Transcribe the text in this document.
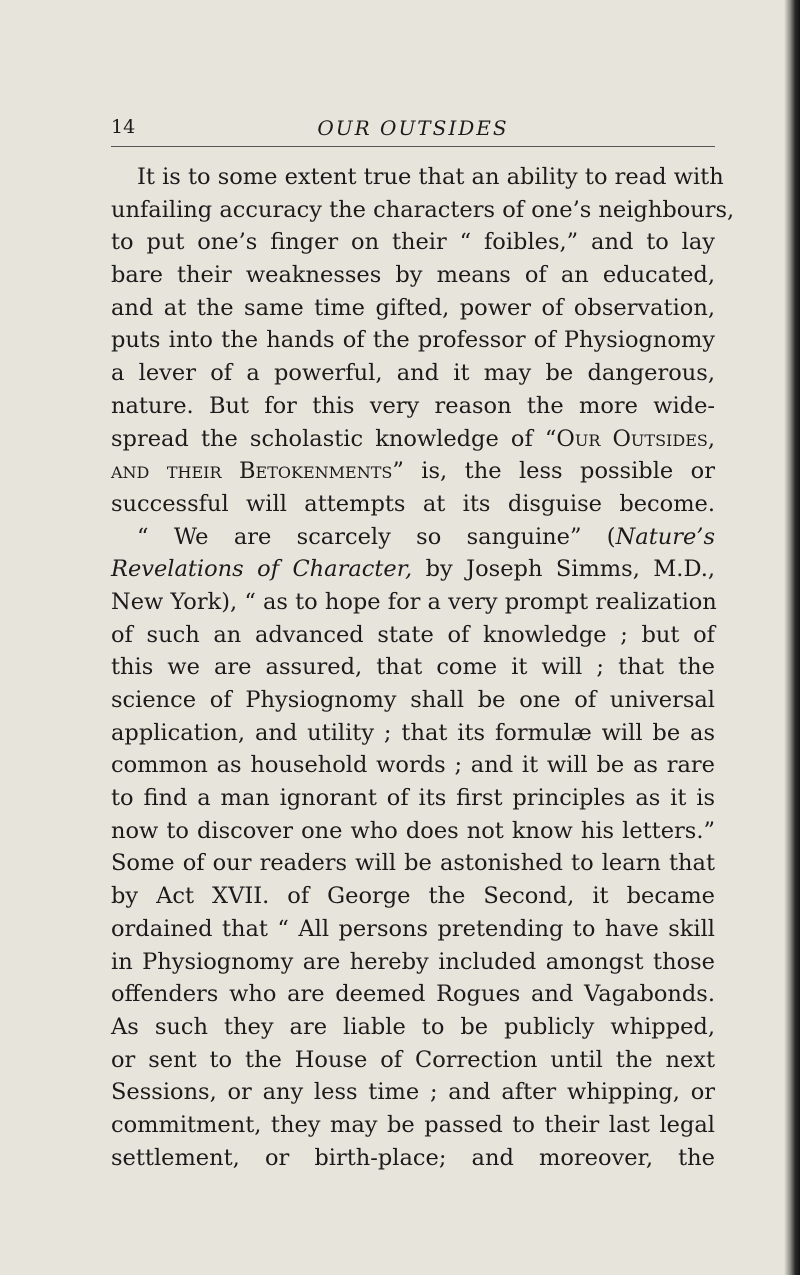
14	OUR OUTSIDES
It is to some extent true that an ability to read with
unfailing accuracy the characters of one’s neighbours,
to put one’s finger on their “ foibles,” and to lay
bare their weaknesses by means of an educated,
and at the same time gifted, power of observation,
puts into the hands of the professor of Physiognomy
a lever of a powerful, and it may be dangerous,
nature. But for this very reason the more wide-
spread the scholastic knowledge of “Our Outsides,
and their Betokenments” is, the less possible or
successful will attempts at its disguise become.
“ We are scarcely so sanguine” (Nature’s
Revelations of Character, by Joseph Simms, M.D.,
New York), “ as to hope for a very prompt realization
of such an advanced state of knowledge ; but of
this we are assured, that come it will ; that the
science of Physiognomy shall be one of universal
application, and utility ; that its formulæ will be as
common as household words ; and it will be as rare
to find a man ignorant of its first principles as it is
now to discover one who does not know his letters.”
Some of our readers will be astonished to learn that
by Act XVII. of George the Second, it became
ordained that “ All persons pretending to have skill
in Physiognomy are hereby included amongst those
offenders who are deemed Rogues and Vagabonds.
As such they are liable to be publicly whipped,
or sent to the House of Correction until the next
Sessions, or any less time ; and after whipping, or
commitment, they may be passed to their last legal
settlement, or birth-place; and moreover, the
